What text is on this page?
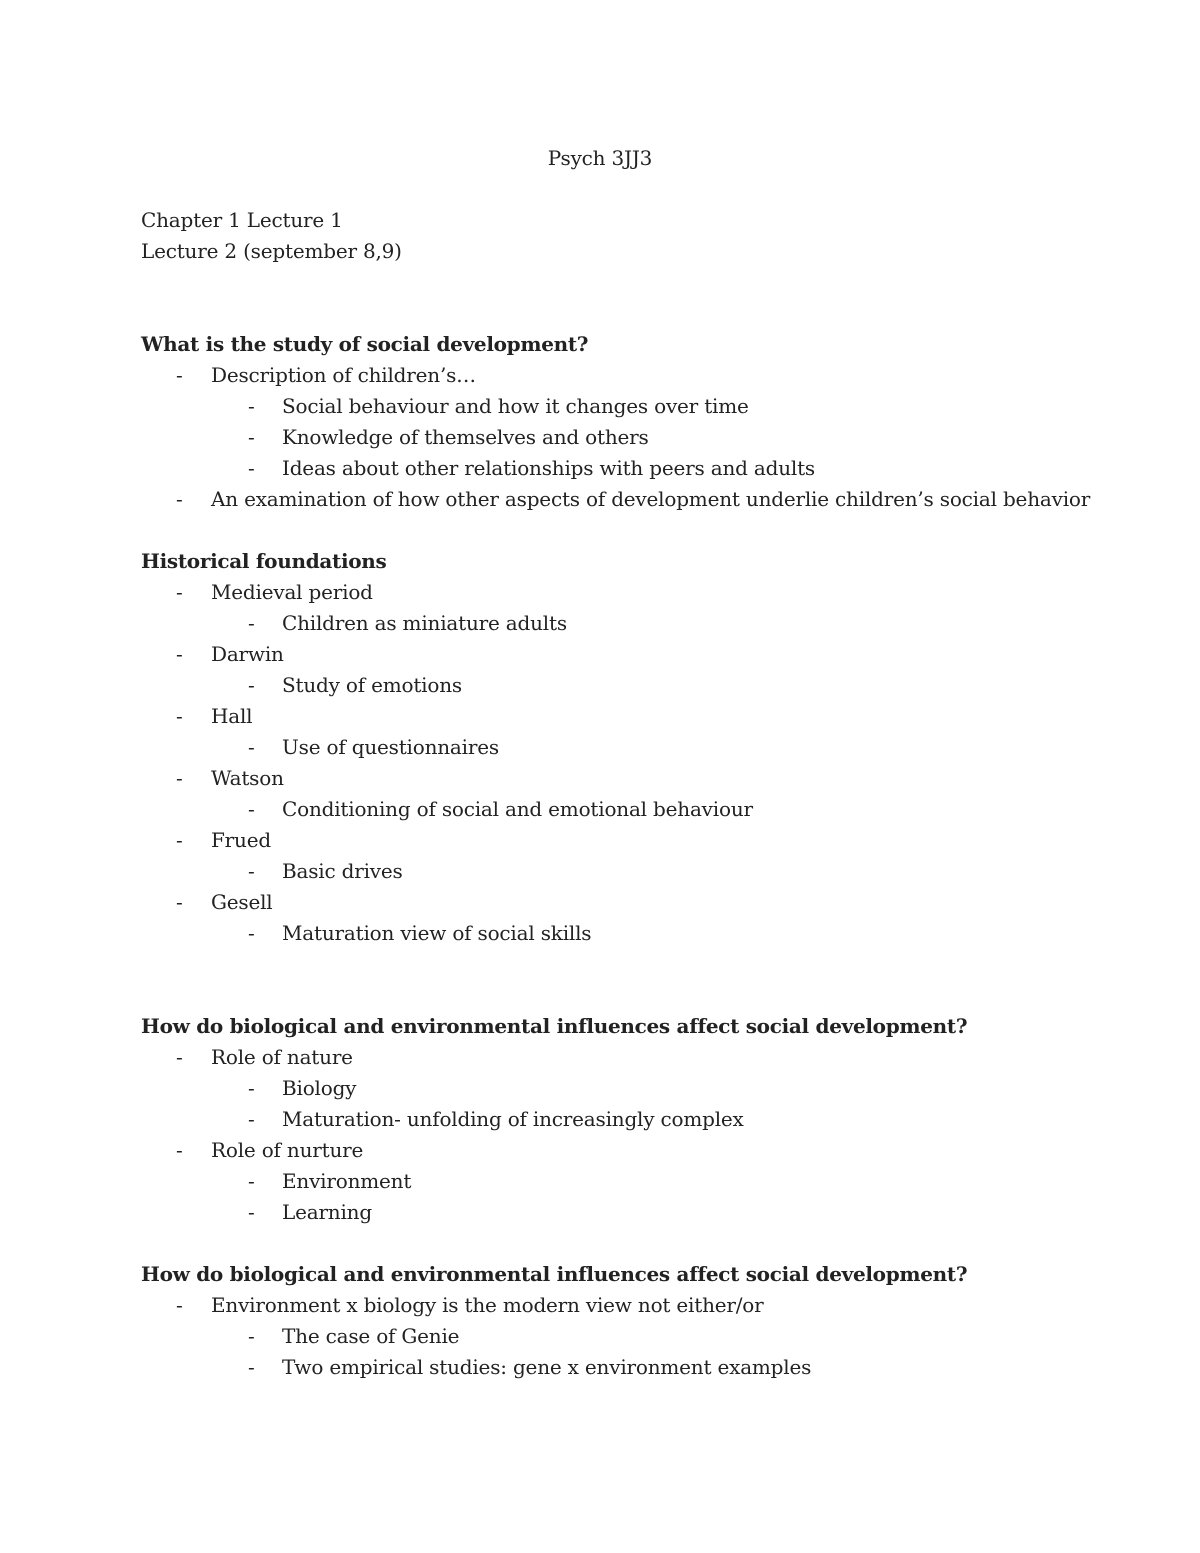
Psych 3JJ3
Chapter 1 Lecture 1
Lecture 2 (september 8,9)
What is the study of social development?
- Description of children’s…
- Social behaviour and how it changes over time
- Knowledge of themselves and others
- Ideas about other relationships with peers and adults
- An examination of how other aspects of development underlie children’s social behavior
Historical foundations
- Medieval period
- Children as miniature adults
- Darwin
- Study of emotions
- Hall
- Use of questionnaires
- Watson
- Conditioning of social and emotional behaviour
- Frued
- Basic drives
- Gesell
- Maturation view of social skills
How do biological and environmental influences affect social development?
- Role of nature
- Biology
- Maturation- unfolding of increasingly complex
- Role of nurture
- Environment
- Learning
How do biological and environmental influences affect social development?
- Environment x biology is the modern view not either/or
- The case of Genie
- Two empirical studies: gene x environment examples
